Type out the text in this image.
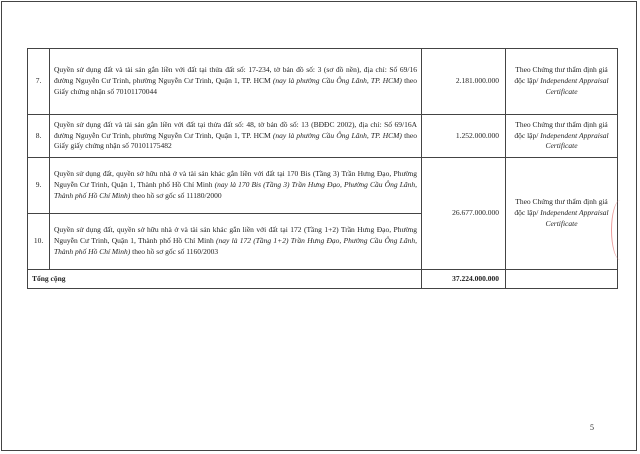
7.	Quyền sử dụng đất và tài sản gắn liền với đất tại thửa đất số: 17-234, tờ bản đồ số: 3 (sơ đồ nền), địa chỉ: Số 69/16 đường Nguyễn Cư Trinh, phường Nguyễn Cư Trinh, Quận 1, TP. HCM (nay là phường Cầu Ông Lãnh, TP. HCM) theo Giấy chứng nhận số 70101170044	2.181.000.000	Theo Chứng thư thẩm định giá độc lập/ Independent Appraisal Certificate
8.	Quyền sử dụng đất và tài sản gắn liền với đất tại thửa đất số: 48, tờ bản đồ số: 13 (BĐĐC 2002), địa chỉ: Số 69/16A đường Nguyễn Cư Trinh, phường Nguyễn Cư Trinh, Quận 1, TP. HCM (nay là phường Cầu Ông Lãnh, TP. HCM) theo Giấy giấy chứng nhận số 70101175482	1.252.000.000	Theo Chứng thư thẩm định giá độc lập/ Independent Appraisal Certificate
9.	Quyền sử dụng đất, quyền sở hữu nhà ở và tài sản khác gắn liền với đất tại 170 Bis (Tầng 3) Trần Hưng Đạo, Phường Nguyễn Cư Trinh, Quận 1, Thành phố Hồ Chí Minh (nay là 170 Bis (Tầng 3) Trần Hưng Đạo, Phường Cầu Ông Lãnh, Thành phố Hồ Chí Minh) theo hồ sơ gốc số 11180/2000	26.677.000.000	Theo Chứng thư thẩm định giá độc lập/ Independent Appraisal Certificate
10.	Quyền sử dụng đất, quyền sở hữu nhà ở và tài sản khác gắn liền với đất tại 172 (Tầng 1+2) Trần Hưng Đạo, Phường Nguyễn Cư Trinh, Quận 1, Thành phố Hồ Chí Minh (nay là 172 (Tầng 1+2) Trần Hưng Đạo, Phường Cầu Ông Lãnh, Thành phố Hồ Chí Minh) theo hồ sơ gốc số 1160/2003		
Tổng cộng		37.224.000.000	
5
